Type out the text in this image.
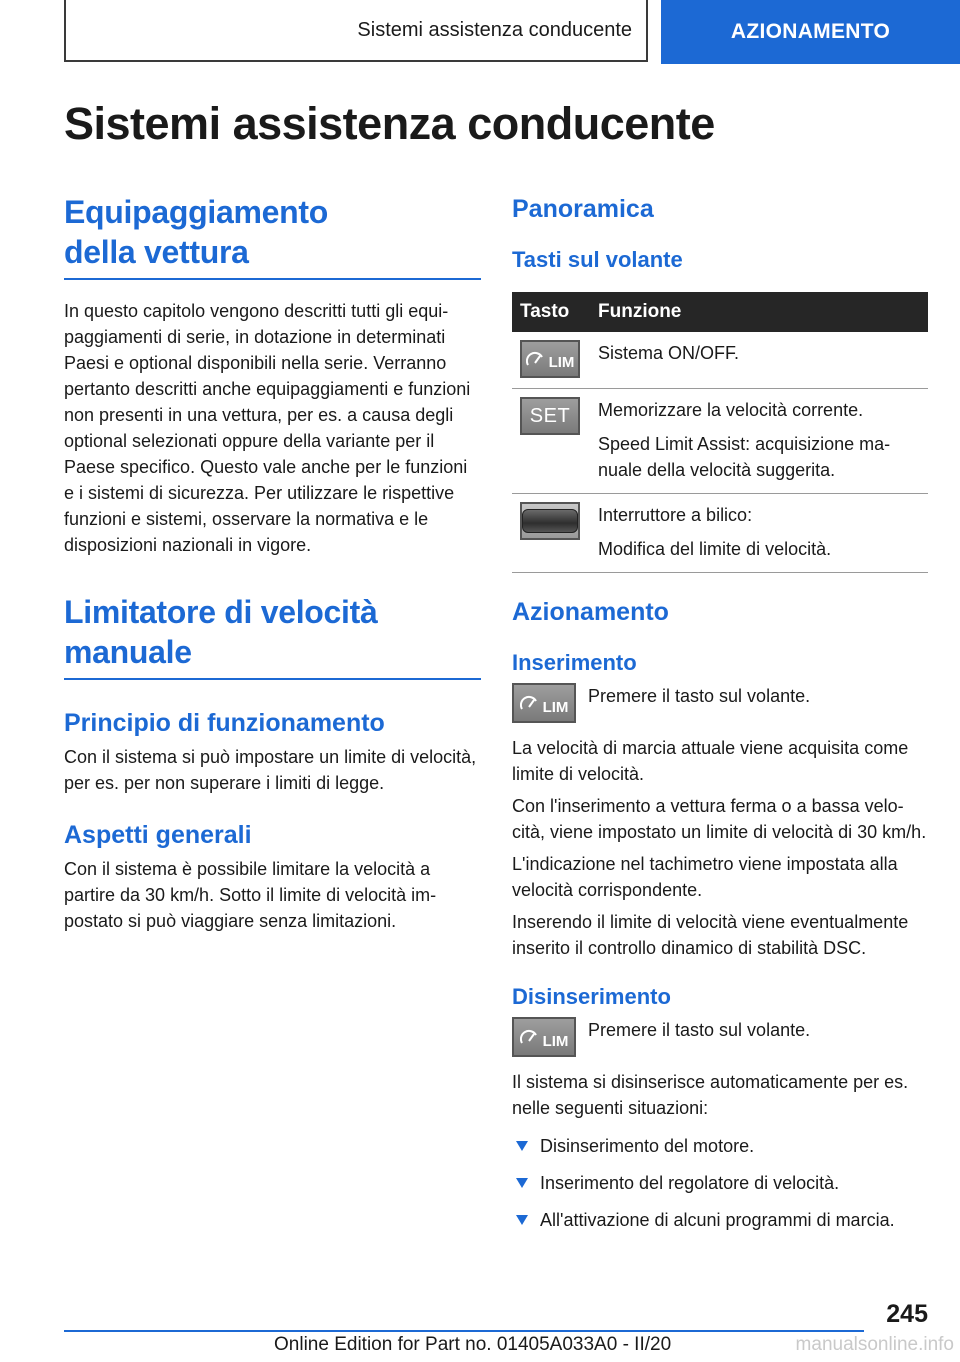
Sistemi assistenza conducente	AZIONAMENTO
Sistemi assistenza conducente
Equipaggiamento della vettura

In questo capitolo vengono descritti tutti gli equipaggiamenti di serie, in dotazione in determinati Paesi e optional disponibili nella serie. Verranno pertanto descritti anche equipaggiamenti e funzioni non presenti in una vettura, per es. a causa degli optional selezionati oppure della variante per il Paese specifico. Questo vale anche per le funzioni e i sistemi di sicurezza. Per utilizzare le rispettive funzioni e sistemi, osservare la normativa e le disposizioni nazionali in vigore.

Limitatore di velocità manuale
Principio di funzionamento

Con il sistema si può impostare un limite di velocità, per es. per non superare i limiti di legge.

Aspetti generali

Con il sistema è possibile limitare la velocità a partire da 30 km/h. Sotto il limite di velocità impostato si può viaggiare senza limitazioni.

Panoramica
Tasti sul volante
Tasto	Funzione

LIM	Sistema ON/OFF.

SET	Memorizzare la velocità corrente.

Speed Limit Assist: acquisizione manuale della velocità suggerita.

	Interruttore a bilico:

Modifica del limite di velocità.

Azionamento
Inserimento
LIM

Premere il tasto sul volante.

La velocità di marcia attuale viene acquisita come limite di velocità.

Con l'inserimento a vettura ferma o a bassa velocità, viene impostato un limite di velocità di 30 km/h.

L'indicazione nel tachimetro viene impostata alla velocità corrispondente.

Inserendo il limite di velocità viene eventualmente inserito il controllo dinamico di stabilità DSC.

Disinserimento
LIM

Premere il tasto sul volante.

Il sistema si disinserisce automaticamente per es. nelle seguenti situazioni:

Disinserimento del motore.
Inserimento del regolatore di velocità.
All'attivazione di alcuni programmi di marcia.
245
Online Edition for Part no. 01405A033A0 - II/20	manualsonline.info
